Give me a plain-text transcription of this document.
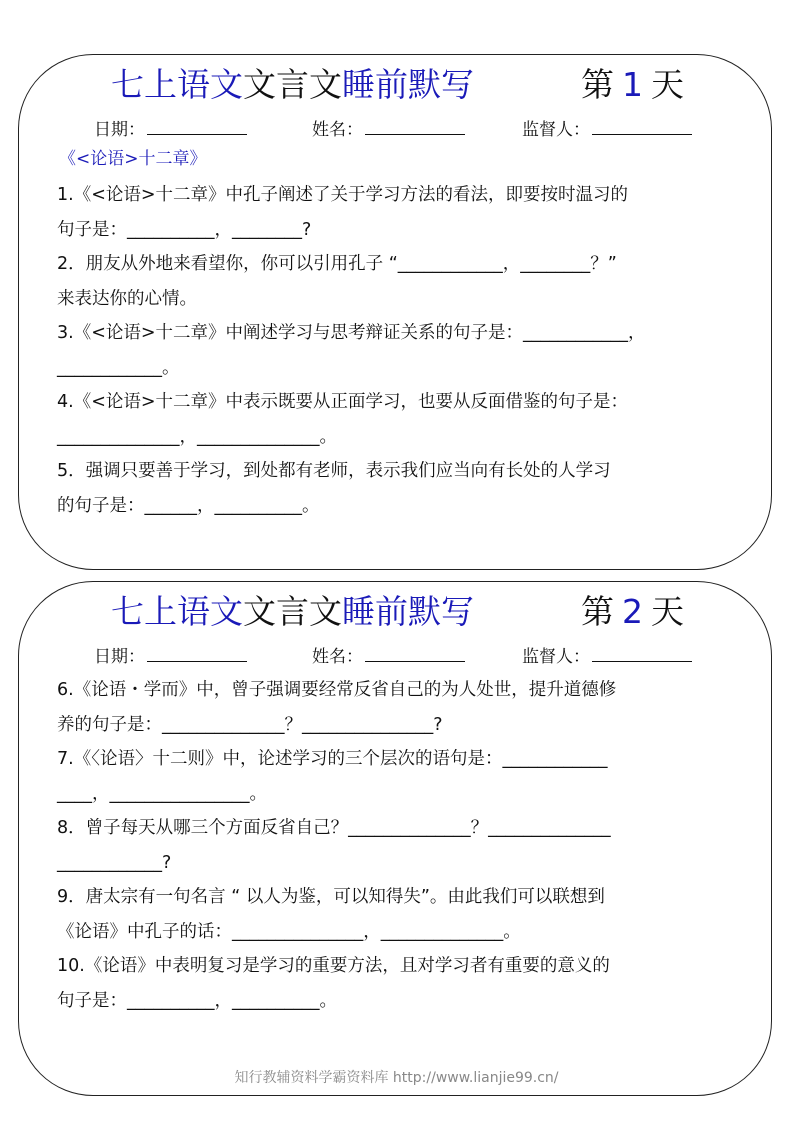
七上语文文言文睡前默写	第 1 天
日期：	姓名：	监督人：
《<论语>十二章》

1.《<论语>十二章》中孔子阐述了关于学习方法的看法，即要按时温习的

句子是：__________，________?

2．朋友从外地来看望你，你可以引用孔子 “____________，________？”

来表达你的心情。

3.《<论语>十二章》中阐述学习与思考辩证关系的句子是：____________，

____________。

4.《<论语>十二章》中表示既要从正面学习，也要从反面借鉴的句子是：

______________，______________。

5．强调只要善于学习，到处都有老师，表示我们应当向有长处的人学习

的句子是：______，__________。

七上语文文言文睡前默写	第 2 天
日期：	姓名：	监督人：

6.《论语・学而》中，曾子强调要经常反省自己的为人处世，提升道德修

养的句子是：______________？_______________?

7.《〈论语〉十二则》中，论述学习的三个层次的语句是：____________

____，________________。

8．曾子每天从哪三个方面反省自己？______________？______________

____________?

9．唐太宗有一句名言 “ 以人为鉴，可以知得失”。由此我们可以联想到

《论语》中孔子的话：_______________，______________。

10.《论语》中表明复习是学习的重要方法，且对学习者有重要的意义的

句子是：__________，__________。

知行教辅资料学霸资料库 http://www.lianjie99.cn/
